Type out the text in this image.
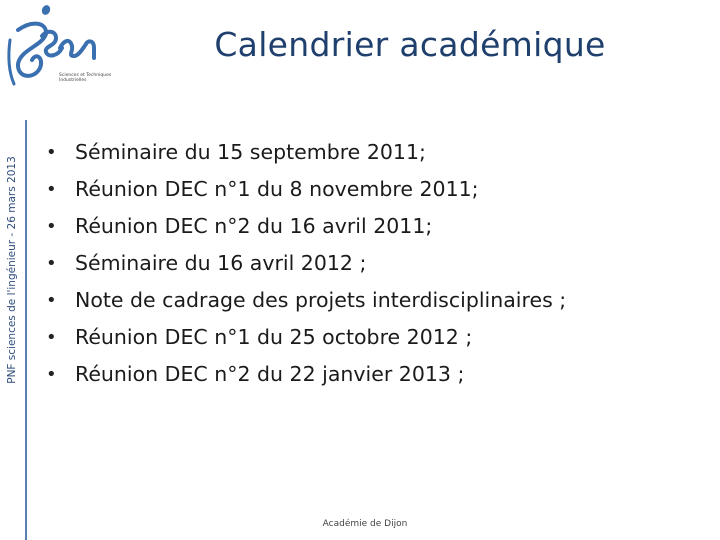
PNF sciences de l'ingénieur - 26 mars 2013
Sciences et Techniques
Industrielles
Calendrier académique
• Séminaire du 15 septembre 2011;
• Réunion DEC n°1 du 8 novembre 2011;
• Réunion DEC n°2 du 16 avril 2011;
• Séminaire du 16 avril 2012 ;
• Note de cadrage des projets interdisciplinaires ;
• Réunion DEC n°1 du 25 octobre 2012 ;
• Réunion DEC n°2 du 22 janvier 2013 ;
Académie de Dijon
